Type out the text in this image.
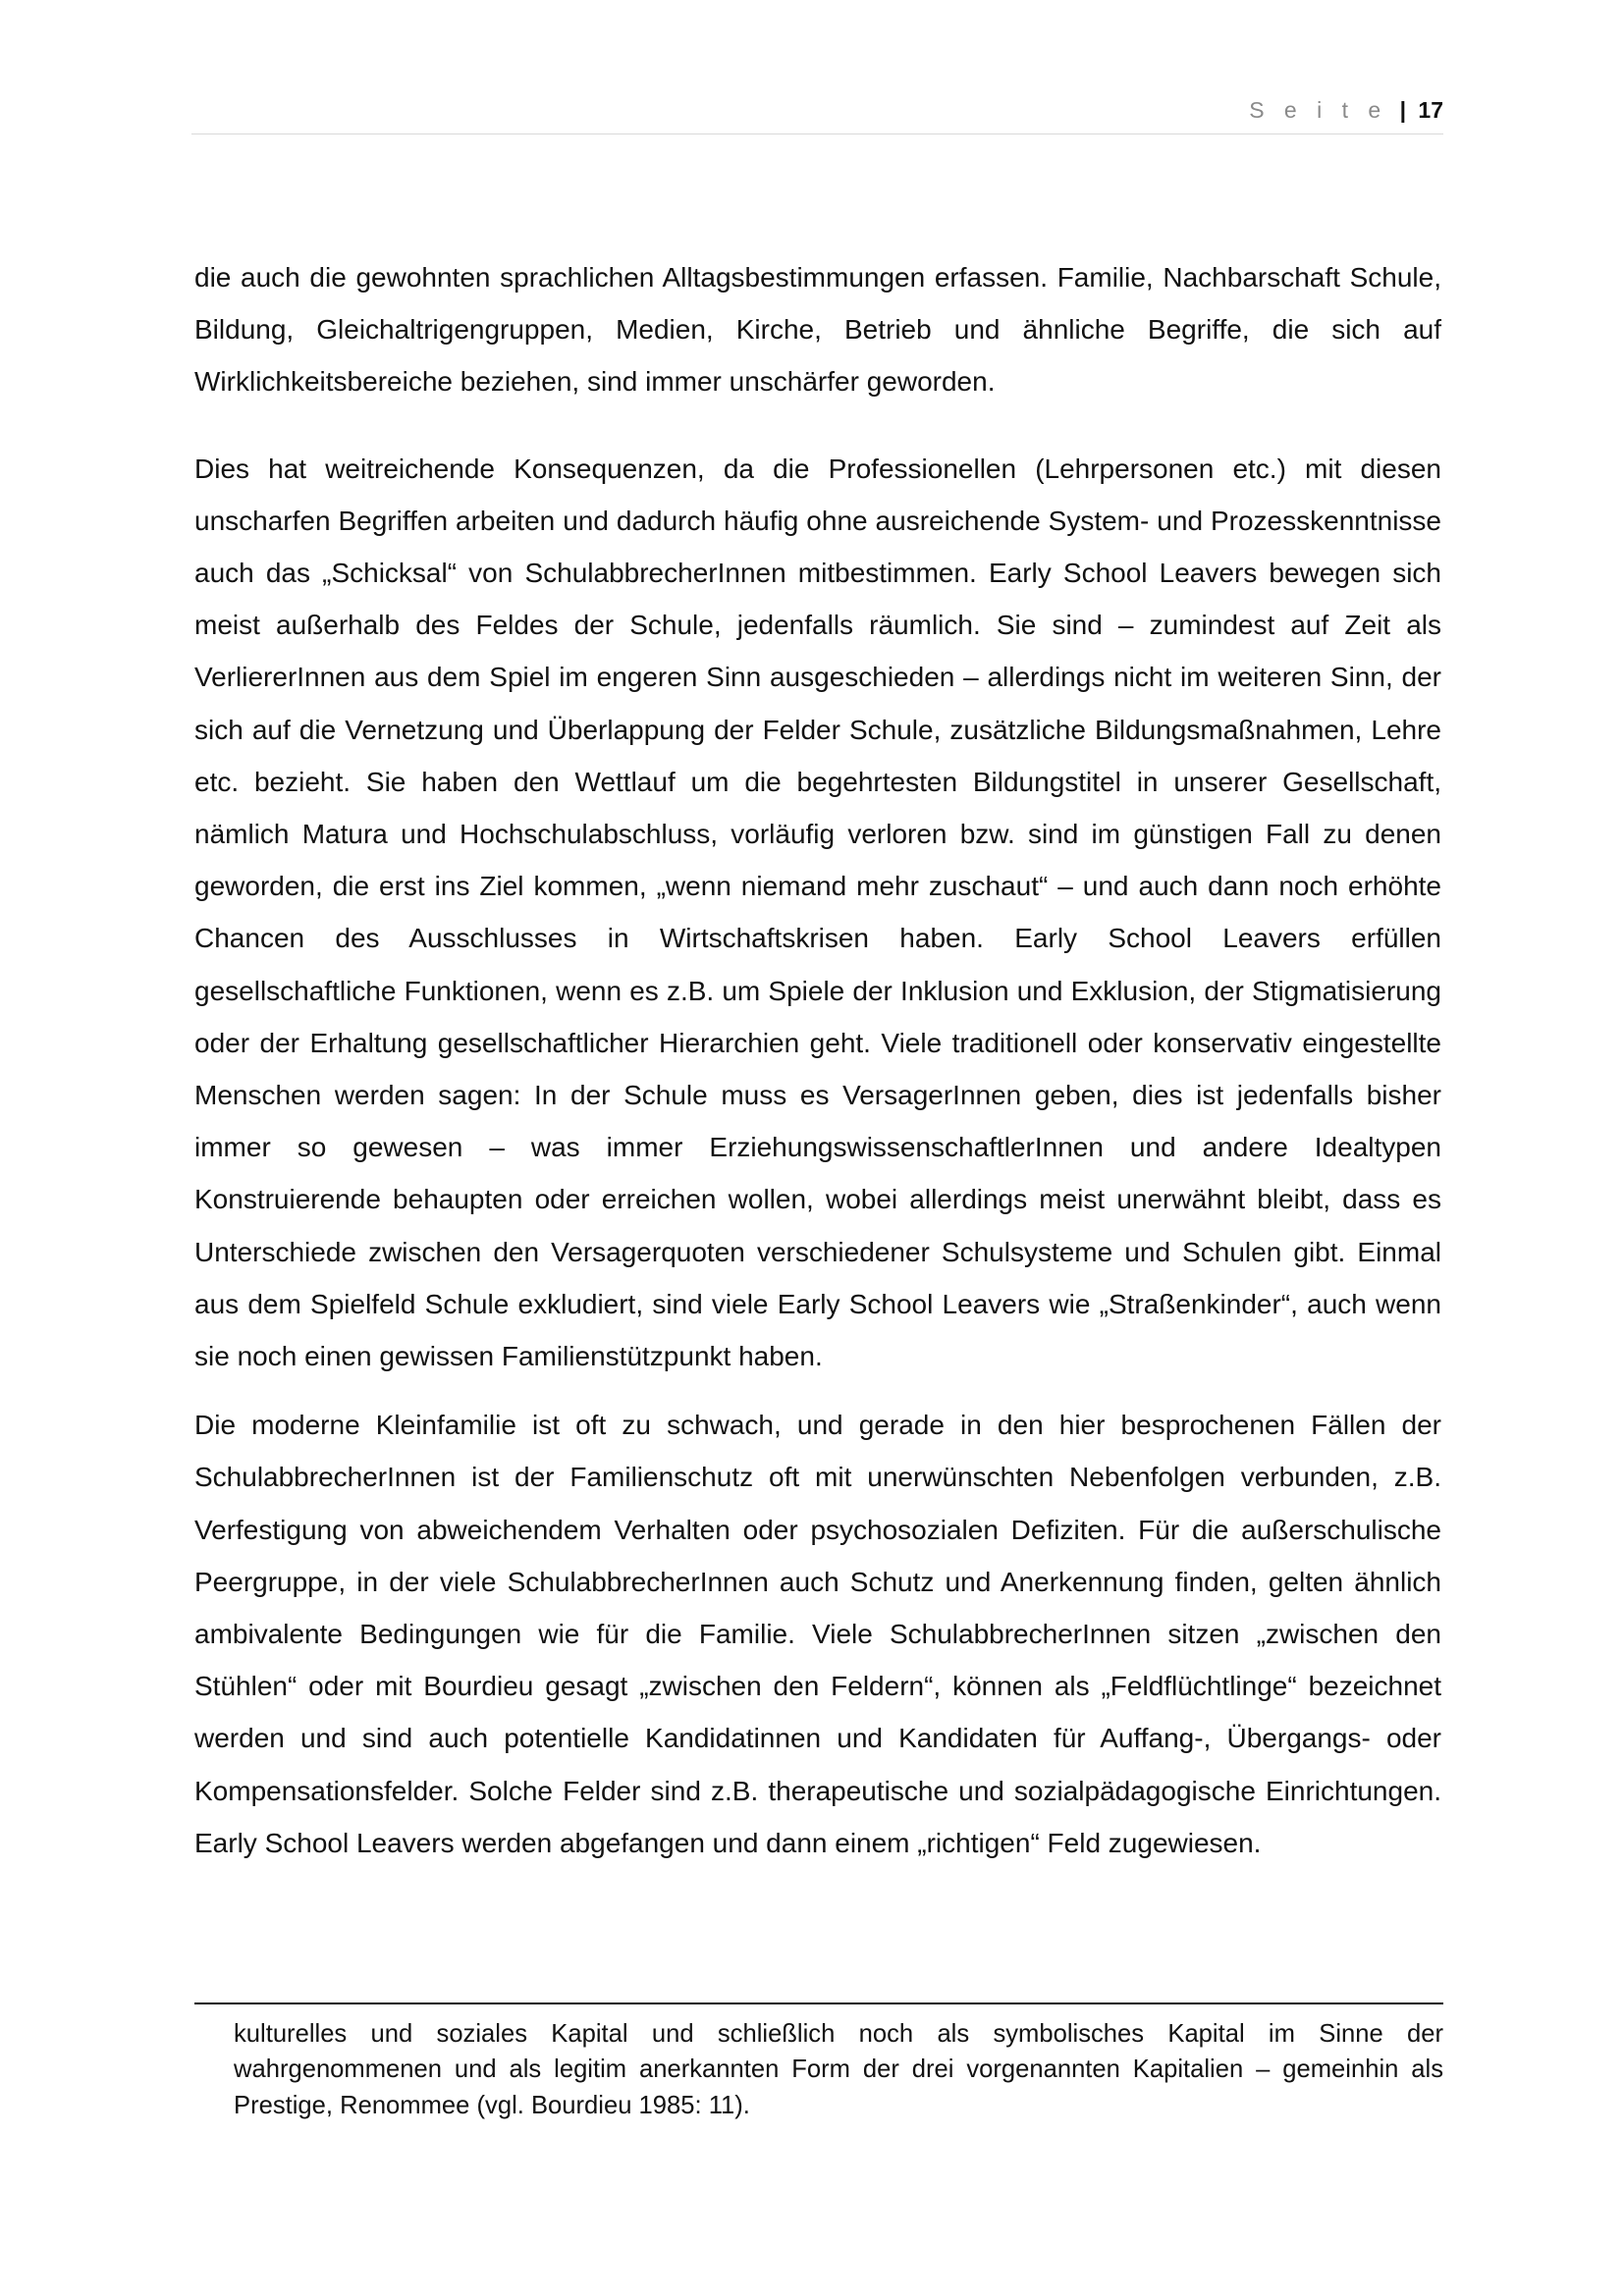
S e i t e | 17

die auch die gewohnten sprachlichen Alltagsbestimmungen erfassen. Familie, Nachbarschaft Schule, Bildung, Gleichaltrigengruppen, Medien, Kirche, Betrieb und ähnliche Begriffe, die sich auf Wirklichkeitsbereiche beziehen, sind immer unschärfer geworden.

Dies hat weitreichende Konsequenzen, da die Professionellen (Lehrpersonen etc.) mit diesen unscharfen Begriffen arbeiten und dadurch häufig ohne ausreichende System- und Prozesskenntnisse auch das „Schicksal“ von SchulabbrecherInnen mitbestimmen. Early School Leavers bewegen sich meist außerhalb des Feldes der Schule, jedenfalls räumlich. Sie sind – zumindest auf Zeit als VerliererInnen aus dem Spiel im engeren Sinn ausgeschieden – allerdings nicht im weiteren Sinn, der sich auf die Vernetzung und Überlappung der Felder Schule, zusätzliche Bildungsmaßnahmen, Lehre etc. bezieht. Sie haben den Wettlauf um die begehrtesten Bildungstitel in unserer Gesellschaft, nämlich Matura und Hochschulabschluss, vorläufig verloren bzw. sind im günstigen Fall zu denen geworden, die erst ins Ziel kommen, „wenn niemand mehr zuschaut“ – und auch dann noch erhöhte Chancen des Ausschlusses in Wirtschaftskrisen haben. Early School Leavers erfüllen gesellschaftliche Funktionen, wenn es z.B. um Spiele der Inklusion und Exklusion, der Stigmatisierung oder der Erhaltung gesellschaftlicher Hierarchien geht. Viele traditionell oder konservativ eingestellte Menschen werden sagen: In der Schule muss es VersagerInnen geben, dies ist jedenfalls bisher immer so gewesen – was immer ErziehungswissenschaftlerInnen und andere Idealtypen Konstruierende behaupten oder erreichen wollen, wobei allerdings meist unerwähnt bleibt, dass es Unterschiede zwischen den Versagerquoten verschiedener Schulsysteme und Schulen gibt. Einmal aus dem Spielfeld Schule exkludiert, sind viele Early School Leavers wie „Straßenkinder“, auch wenn sie noch einen gewissen Familienstützpunkt haben.

Die moderne Kleinfamilie ist oft zu schwach, und gerade in den hier besprochenen Fällen der SchulabbrecherInnen ist der Familienschutz oft mit unerwünschten Nebenfolgen verbunden, z.B. Verfestigung von abweichendem Verhalten oder psychosozialen Defiziten. Für die außerschulische Peergruppe, in der viele SchulabbrecherInnen auch Schutz und Anerkennung finden, gelten ähnlich ambivalente Bedingungen wie für die Familie. Viele SchulabbrecherInnen sitzen „zwischen den Stühlen“ oder mit Bourdieu gesagt „zwischen den Feldern“, können als „Feldflüchtlinge“ bezeichnet werden und sind auch potentielle Kandidatinnen und Kandidaten für Auffang-, Übergangs- oder Kompensationsfelder. Solche Felder sind z.B. therapeutische und sozialpädagogische Einrichtungen. Early School Leavers werden abgefangen und dann einem „richtigen“ Feld zugewiesen.

kulturelles und soziales Kapital und schließlich noch als symbolisches Kapital im Sinne der wahrgenommenen und als legitim anerkannten Form der drei vorgenannten Kapitalien – gemeinhin als Prestige, Renommee (vgl. Bourdieu 1985: 11).
